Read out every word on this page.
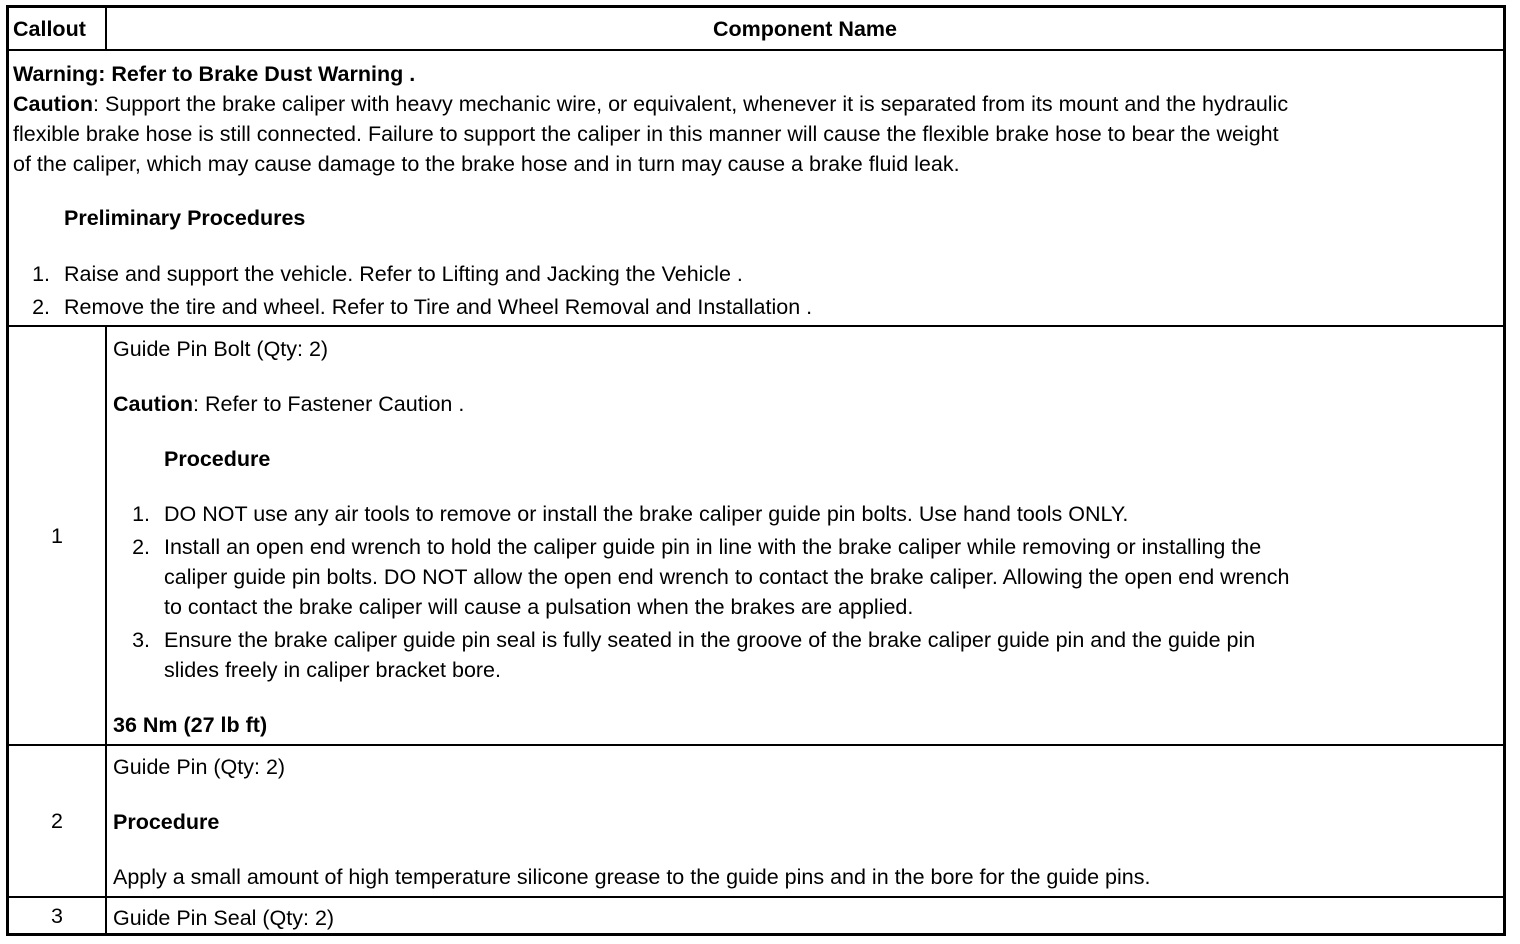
Callout	Component Name
Warning: Refer to Brake Dust Warning .
Caution: Support the brake caliper with heavy mechanic wire, or equivalent, whenever it is separated from its mount and the hydraulic
flexible brake hose is still connected. Failure to support the caliper in this manner will cause the flexible brake hose to bear the weight
of the caliper, which may cause damage to the brake hose and in turn may cause a brake fluid leak.
Preliminary Procedures
1. Raise and support the vehicle. Refer to Lifting and Jacking the Vehicle .
2. Remove the tire and wheel. Refer to Tire and Wheel Removal and Installation .
1
Guide Pin Bolt (Qty: 2)
Caution: Refer to Fastener Caution .
Procedure
1. DO NOT use any air tools to remove or install the brake caliper guide pin bolts. Use hand tools ONLY.
2. Install an open end wrench to hold the caliper guide pin in line with the brake caliper while removing or installing the
caliper guide pin bolts. DO NOT allow the open end wrench to contact the brake caliper. Allowing the open end wrench
to contact the brake caliper will cause a pulsation when the brakes are applied.
3. Ensure the brake caliper guide pin seal is fully seated in the groove of the brake caliper guide pin and the guide pin
slides freely in caliper bracket bore.
36 Nm (27 lb ft)
2
Guide Pin (Qty: 2)
Procedure
Apply a small amount of high temperature silicone grease to the guide pins and in the bore for the guide pins.
3	Guide Pin Seal (Qty: 2)
